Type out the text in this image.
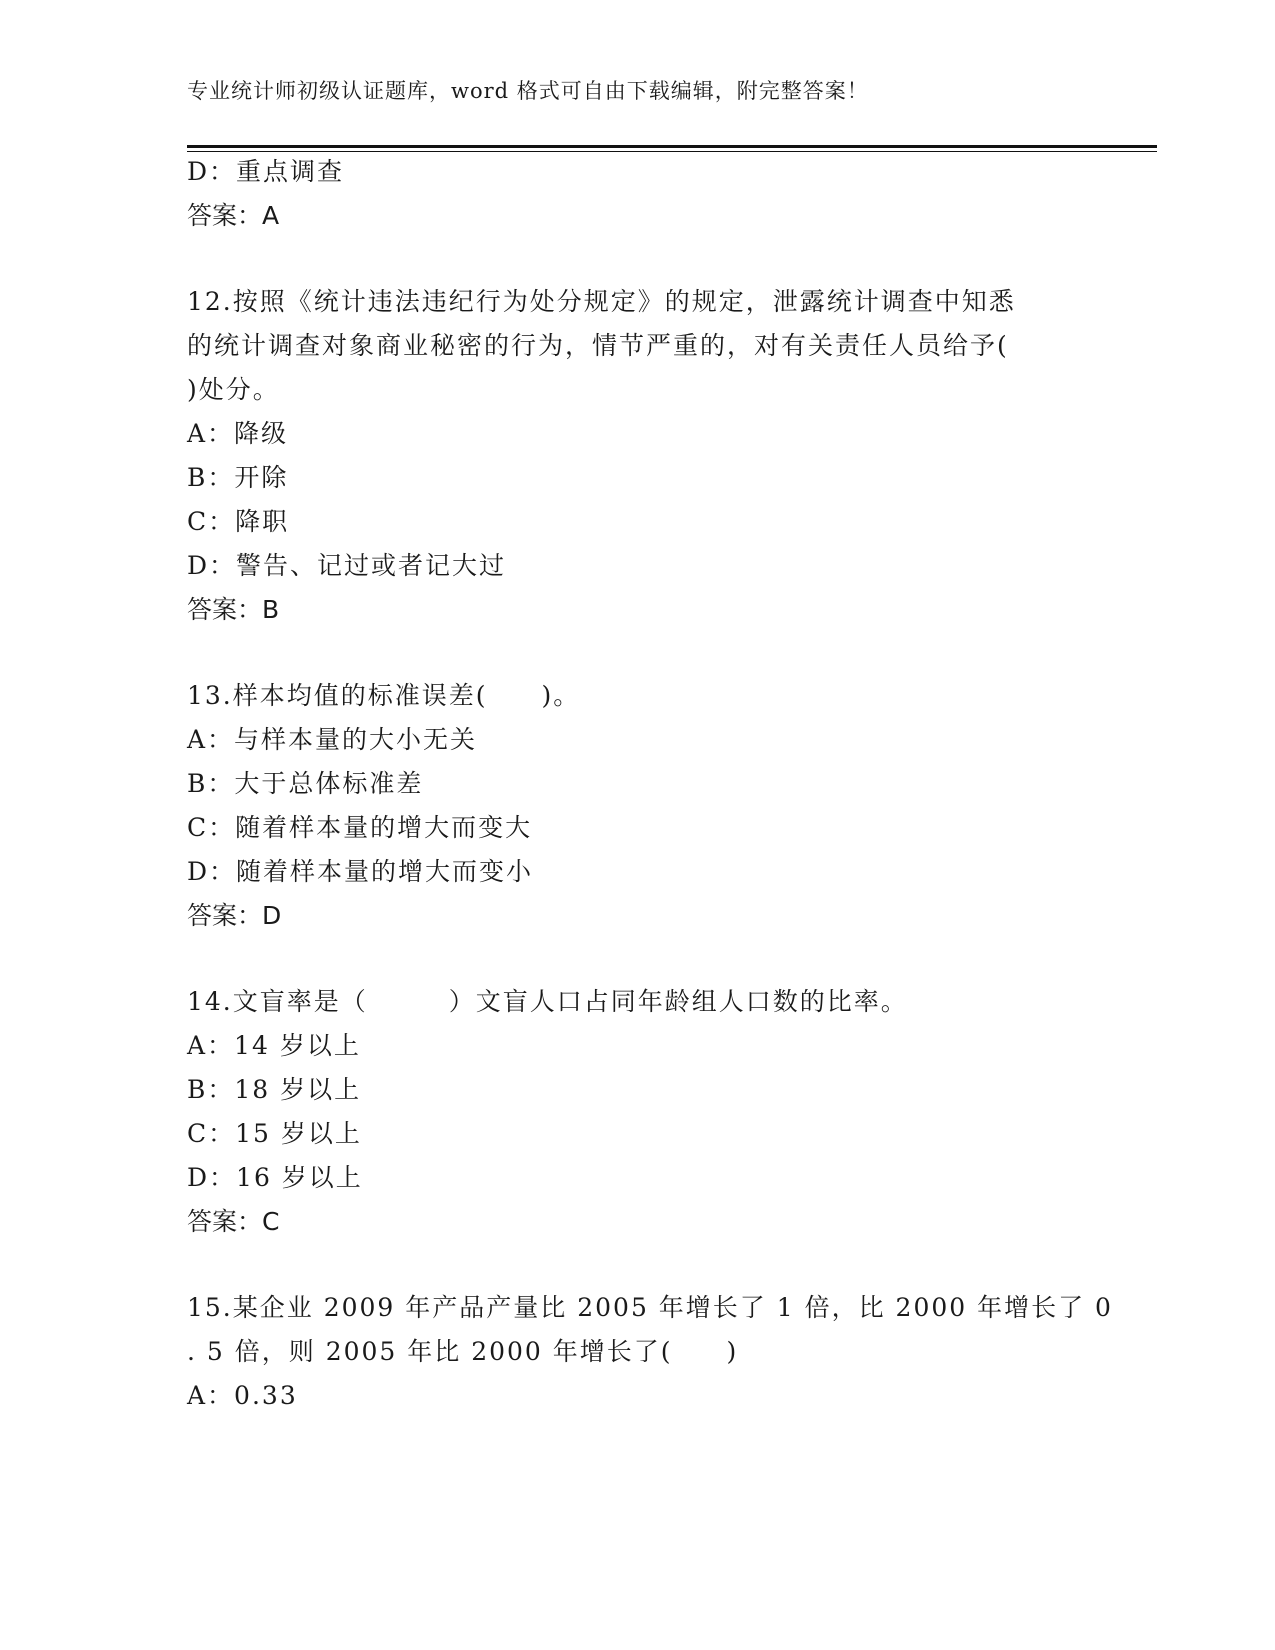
专业统计师初级认证题库，word 格式可自由下载编辑，附完整答案！
D：重点调查
答案：A
12.按照《统计违法违纪行为处分规定》的规定，泄露统计调查中知悉
的统计调查对象商业秘密的行为，情节严重的，对有关责任人员给予(
)处分。
A：降级
B：开除
C：降职
D：警告、记过或者记大过
答案：B
13.样本均值的标准误差(　　)。
A：与样本量的大小无关
B：大于总体标准差
C：随着样本量的增大而变大
D：随着样本量的增大而变小
答案：D
14.文盲率是（　　　）文盲人口占同年龄组人口数的比率。
A：14 岁以上
B：18 岁以上
C：15 岁以上
D：16 岁以上
答案：C
15.某企业 2009 年产品产量比 2005 年增长了 1 倍，比 2000 年增长了 0
. 5 倍，则 2005 年比 2000 年增长了(　　)
A：0.33
